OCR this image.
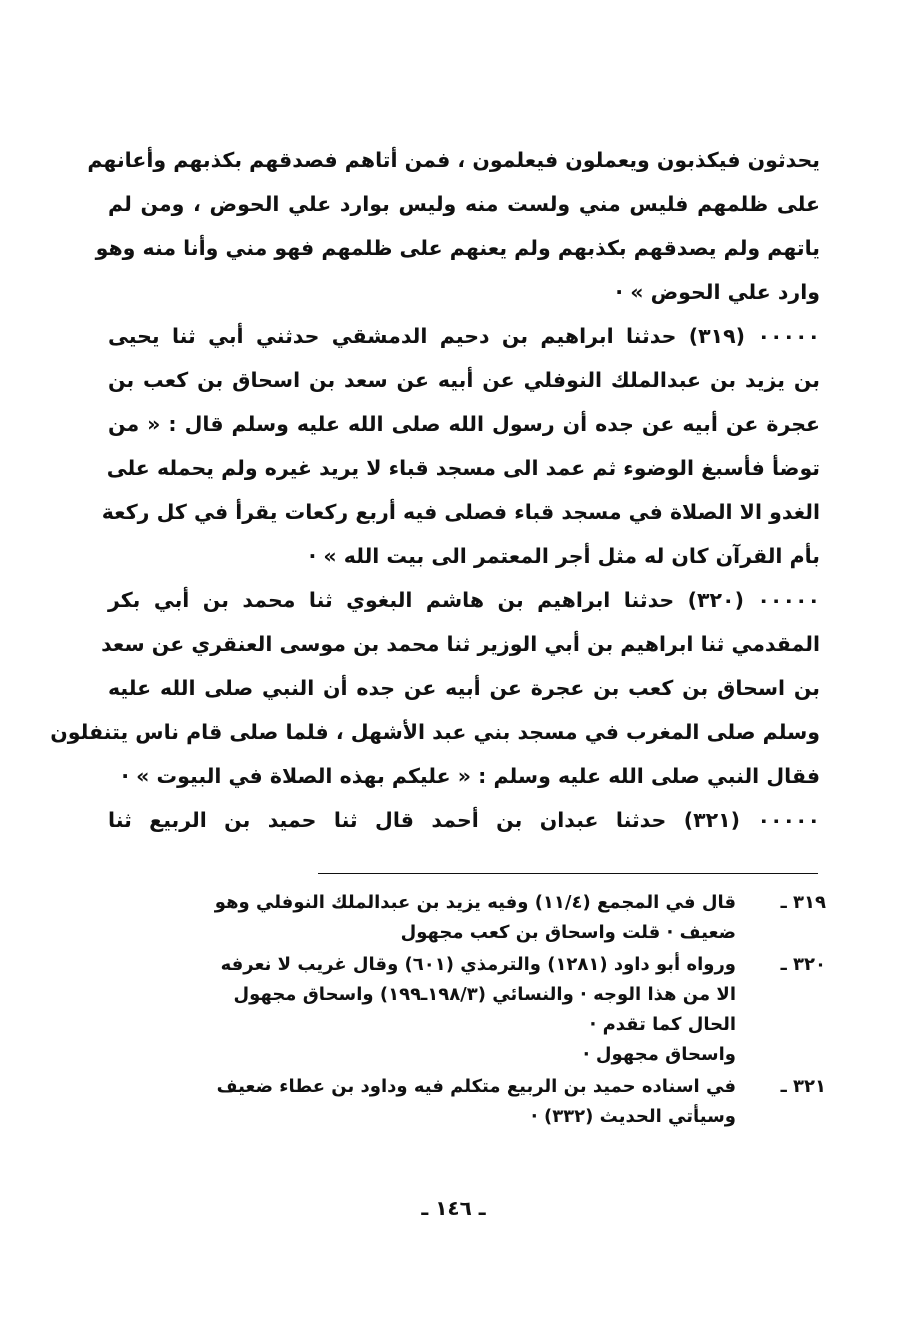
يحدثون فيكذبون ويعملون فيعلمون ، فمن أتاهم فصدقهم بكذبهم وأعانهم
على ظلمهم فليس مني ولست منه وليس بوارد علي الحوض ، ومن لم
ياتهم ولم يصدقهم بكذبهم ولم يعنهم على ظلمهم فهو مني وأنا منه وهو
وارد علي الحوض » ·
٠٠٠٠٠ (٣١٩) حدثنا ابراهيم بن دحيم الدمشقي حدثني أبي ثنا يحيى
بن يزيد بن عبدالملك النوفلي عن أبيه عن سعد بن اسحاق بن كعب بن
عجرة عن أبيه عن جده أن رسول الله صلى الله عليه وسلم قال : « من
توضأ فأسبغ الوضوء ثم عمد الى مسجد قباء لا يريد غيره ولم يحمله على
الغدو الا الصلاة في مسجد قباء فصلى فيه أربع ركعات يقرأ في كل ركعة
بأم القرآن كان له مثل أجر المعتمر الى بيت الله » ·
٠٠٠٠٠ (٣٢٠) حدثنا ابراهيم بن هاشم البغوي ثنا محمد بن أبي بكر
المقدمي ثنا ابراهيم بن أبي الوزير ثنا محمد بن موسى العنقري عن سعد
بن اسحاق بن كعب بن عجرة عن أبيه عن جده أن النبي صلى الله عليه
وسلم صلى المغرب في مسجد بني عبد الأشهل ، فلما صلى قام ناس يتنفلون
فقال النبي صلى الله عليه وسلم : « عليكم بهذه الصلاة في البيوت » ·
٠٠٠٠٠ (٣٢١) حدثنا عبدان بن أحمد قال ثنا حميد بن الربيع ثنا
٣١٩ ـ
قال في المجمع (١١/٤) وفيه يزيد بن عبدالملك النوفلي وهو
ضعيف · قلت واسحاق بن كعب مجهول
٣٢٠ ـ
ورواه أبو داود (١٢٨١) والترمذي (٦٠١) وقال غريب لا نعرفه
الا من هذا الوجه · والنسائي (١٩٨/٣ـ١٩٩) واسحاق مجهول
الحال كما تقدم ·
واسحاق مجهول ·
٣٢١ ـ
في اسناده حميد بن الربيع متكلم فيه وداود بن عطاء ضعيف
وسيأتي الحديث (٣٣٢) ·
ـ ١٤٦ ـ
